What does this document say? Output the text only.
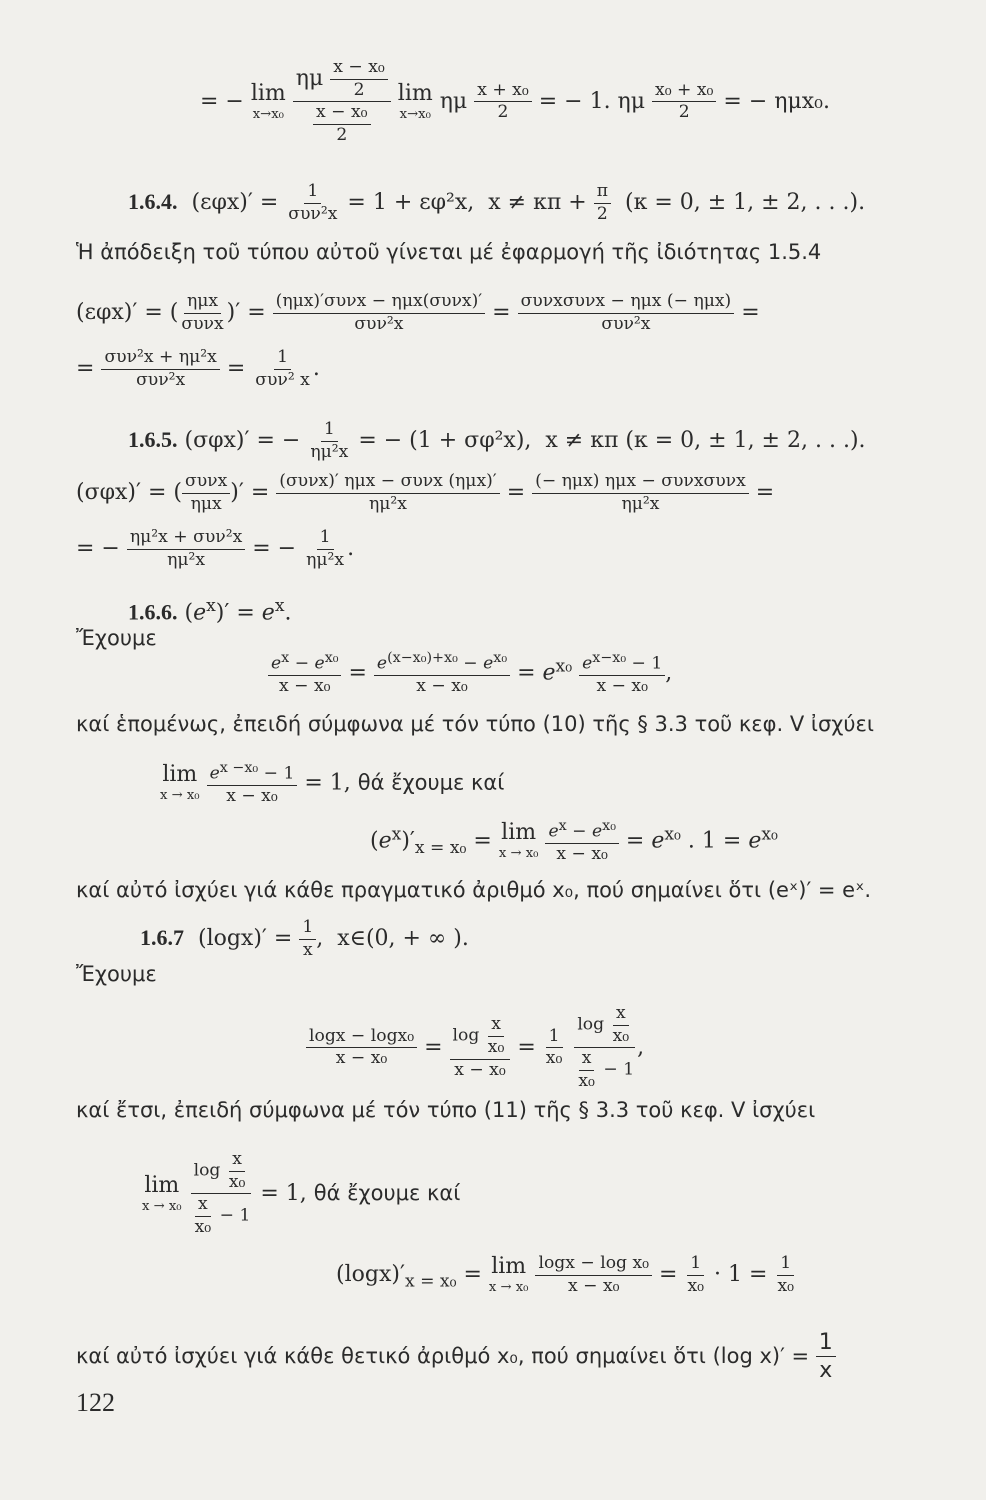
= − lim
x→x₀
$\frac{\eta\mu \frac{\text{x − x₀}}{2}}{\frac{\text{x − x₀}}{2}}$ lim
x→x₀
ημ $\frac{\text{x + x₀}}{2}$ = − 1. ημ $\frac{\text{x₀ + x₀}}{2}$ = − ημx₀.
1.6.4.  (εφx)′ = 1
συν²x = 1 + εφ²x,  $x \ne \kappa\pi + \frac{\pi}{2} (\kappa = 0$, ± 1, ± 2, . . .).
Ἡ ἀπόδειξη τοῦ τύπου αὐτοῦ γίνεται μέ ἐφαρμογή τῆς ἰδιότητας 1.5.4
(εφx)′ = ( ημx
συνx )′ = (ημx)′συνx − ημx(συνx)′
συν²x	= συνxσυνx − ημx (− ημx)
συν²x	=
= συν²x + ημ²x
συν²x = 1
συν² x .
1.6.5. (σφx)′ = − $\frac{1}{\text{ημ²x}}$ = − (1 + σφ²x),  x ≠ κπ (κ = 0, ± 1, ± 2, . . .).
(σφx)′ = ( συνx
ημx )′ = (συνx)′ ημx − συνx (ημx)′
ημ²x	= (− ημx) ημx − συνxσυνx
ημ²x	=
= − ημ²x + συν²x
ημ²x = − $\frac{1}{\text{ημ²x}}$ .
1.6.6. $(e^x)' = e^x$.
Ἔχουμε
$\frac{e^x - e^{x_0}}{\text{x − x₀}} = \frac{e^{(x-x_0)+x_0} - e^{x_0}}{\text{x − x₀}} = e^{x_0} \frac{e^{x-x_0} - 1}{\text{x − x₀}}$ ,
καί ἑπομένως, ἐπειδή σύμφωνα μέ τόν τύπο (10) τῆς § 3.3 τοῦ κεφ. V ἰσχύει
lim
x → x₀
$\frac{e^{x -x_0} - 1}{\text{x − x₀}} = 1$, θά ἔχουμε καί
$(e^x)'_{x = x_0} = \lim$
x → x₀
$\frac{e^x - e^{x_0}}{\text{x − x₀}} = e^{x_0}$ . $1 = e^{x_0}$
καί αὐτό ἰσχύει γιά κάθε πραγματικό ἀριθμό x₀, πού σημαίνει ὅτι (eˣ)′ = eˣ.
1.6.7  $(\log x)' = \frac{1}{x}$ ,  x∈(0, + ∞ ).
Ἔχουμε
$\frac{\text{logx − logx₀}}{\text{x − x₀}} = \frac{\log \frac{x}{\text{x₀}}}{\text{x − x₀}} = \frac{1}{\text{x₀}}$
$\frac{\log \frac{x}{\text{x₀}}}{\frac{x}{\text{x₀}} - 1}$ ,
καί ἔτσι, ἐπειδή σύμφωνα μέ τόν τύπο (11) τῆς § 3.3 τοῦ κεφ. V ἰσχύει
lim
x → x₀
$\frac{\log \frac{x}{\text{x₀}}}{\frac{x}{\text{x₀}} - 1} = 1$, θά ἔχουμε καί
$(\log x)'_{x = x_0} = \lim$
x → x₀
$\frac{\text{logx − log x₀}}{\text{x − x₀}} = \frac{1}{\text{x₀}} \cdot 1 = \frac{1}{\text{x₀}}$
καί αὐτό ἰσχύει γιά κάθε θετικό ἀριθμό x₀, πού σημαίνει ὅτι (log $x)' = \frac{1}{x}$
122
